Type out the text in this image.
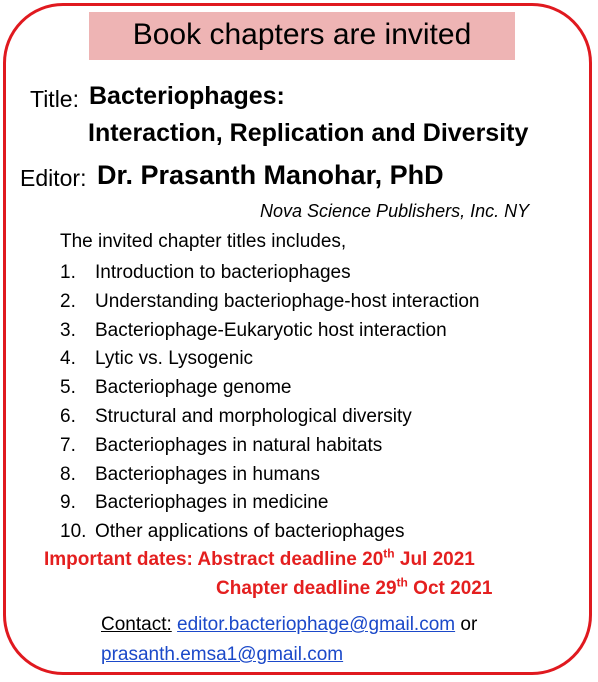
Book chapters are invited
Title: Bacteriophages:
Interaction, Replication and Diversity
Editor: Dr. Prasanth Manohar, PhD
Nova Science Publishers, Inc. NY
The invited chapter titles includes,
1. Introduction to bacteriophages
2. Understanding bacteriophage-host interaction
3. Bacteriophage-Eukaryotic host interaction
4. Lytic vs. Lysogenic
5. Bacteriophage genome
6. Structural and morphological diversity
7. Bacteriophages in natural habitats
8. Bacteriophages in humans
9. Bacteriophages in medicine
10. Other applications of bacteriophages
Important dates: Abstract deadline 20th Jul 2021
Chapter deadline 29th Oct 2021
Contact: editor.bacteriophage@gmail.com or
prasanth.emsa1@gmail.com
